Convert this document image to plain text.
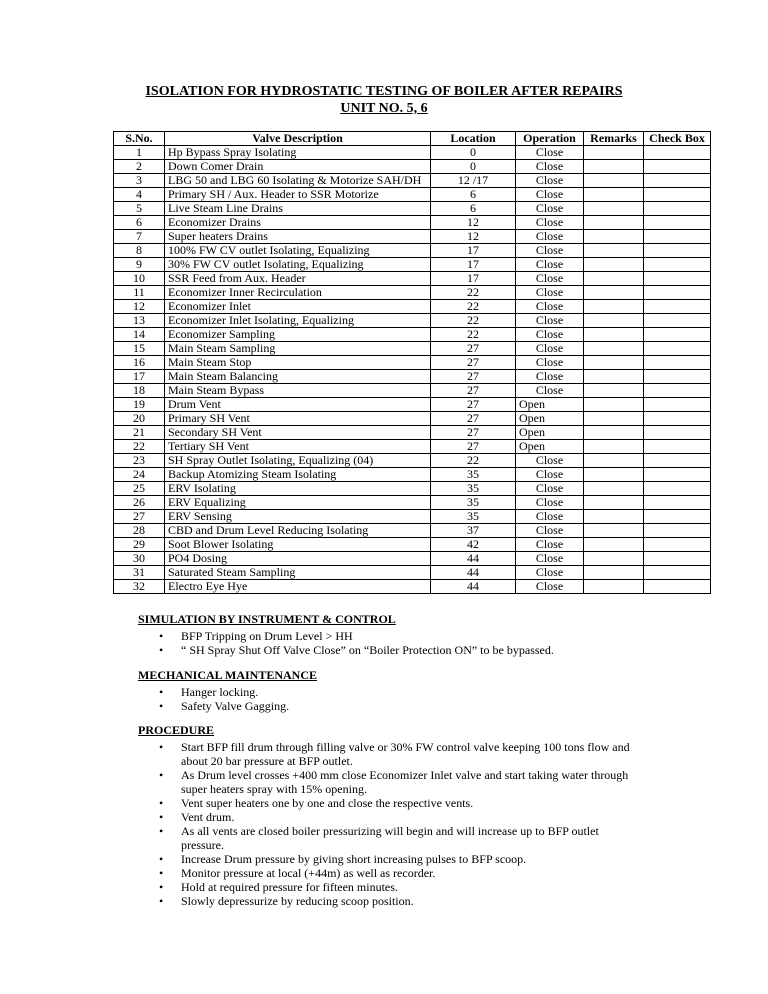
ISOLATION FOR HYDROSTATIC TESTING OF BOILER AFTER REPAIRS
UNIT NO. 5, 6
S.No.	Valve Description	Location	Operation	Remarks	Check Box
1	Hp Bypass Spray Isolating	0	Close		
2	Down Comer Drain	0	Close		
3	LBG 50 and LBG 60 Isolating & Motorize SAH/DH	12 /17	Close		
4	Primary SH / Aux. Header to SSR Motorize	6	Close		
5	Live Steam Line Drains	6	Close		
6	Economizer Drains	12	Close		
7	Super heaters Drains	12	Close		
8	100% FW CV outlet Isolating, Equalizing	17	Close		
9	30% FW CV outlet Isolating, Equalizing	17	Close		
10	SSR Feed from Aux. Header	17	Close		
11	Economizer Inner Recirculation	22	Close		
12	Economizer Inlet	22	Close		
13	Economizer Inlet Isolating, Equalizing	22	Close		
14	Economizer Sampling	22	Close		
15	Main Steam Sampling	27	Close		
16	Main Steam Stop	27	Close		
17	Main Steam Balancing	27	Close		
18	Main Steam Bypass	27	Close		
19	Drum Vent	27	Open		
20	Primary SH Vent	27	Open		
21	Secondary SH Vent	27	Open		
22	Tertiary SH Vent	27	Open		
23	SH Spray Outlet Isolating, Equalizing (04)	22	Close		
24	Backup Atomizing Steam Isolating	35	Close		
25	ERV Isolating	35	Close		
26	ERV Equalizing	35	Close		
27	ERV Sensing	35	Close		
28	CBD and Drum Level Reducing Isolating	37	Close		
29	Soot Blower Isolating	42	Close		
30	PO4 Dosing	44	Close		
31	Saturated Steam Sampling	44	Close		
32	Electro Eye Hye	44	Close		
SIMULATION BY INSTRUMENT & CONTROL
• BFP Tripping on Drum Level > HH
• “ SH Spray Shut Off Valve Close” on “Boiler Protection ON” to be bypassed.
MECHANICAL MAINTENANCE
• Hanger locking.
• Safety Valve Gagging.
PROCEDURE
• Start BFP fill drum through filling valve or 30% FW control valve keeping 100 tons flow and about 20 bar pressure at BFP outlet.
• As Drum level crosses +400 mm close Economizer Inlet valve and start taking water through super heaters spray with 15% opening.
• Vent super heaters one by one and close the respective vents.
• Vent drum.
• As all vents are closed boiler pressurizing will begin and will increase up to BFP outlet pressure.
• Increase Drum pressure by giving short increasing pulses to BFP scoop.
• Monitor pressure at local (+44m) as well as recorder.
• Hold at required pressure for fifteen minutes.
• Slowly depressurize by reducing scoop position.
